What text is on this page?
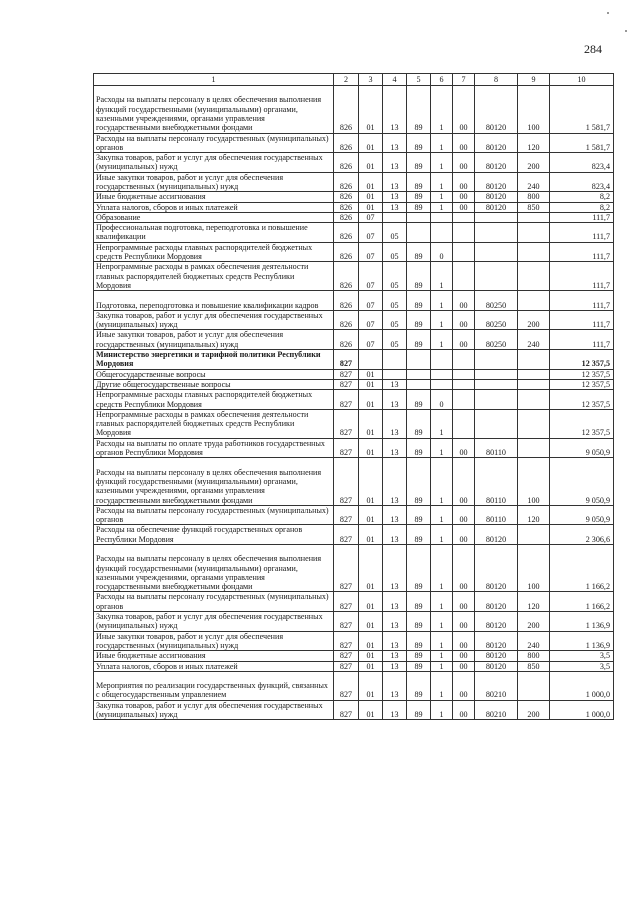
284
1	2	3	4	5	6	7	8	9	10
Расходы на выплаты персоналу в целях обеспечения выполнения функций государственными (муниципальными) органами, казенными учреждениями, органами управления государственными внебюджетными фондами	826	01	13	89	1	00	80120	100	1 581,7
Расходы на выплаты персоналу государственных (муниципальных) органов	826	01	13	89	1	00	80120	120	1 581,7
Закупка товаров, работ и услуг для обеспечения государственных (муниципальных) нужд	826	01	13	89	1	00	80120	200	823,4
Иные закупки товаров, работ и услуг для обеспечения государственных (муниципальных) нужд	826	01	13	89	1	00	80120	240	823,4
Иные бюджетные ассигнования	826	01	13	89	1	00	80120	800	8,2
Уплата налогов, сборов и иных платежей	826	01	13	89	1	00	80120	850	8,2
Образование	826	07							111,7
Профессиональная подготовка, переподготовка и повышение квалификации	826	07	05						111,7
Непрограммные расходы главных распорядителей бюджетных средств Республики Мордовия	826	07	05	89	0				111,7
Непрограммные расходы в рамках обеспечения деятельности главных распорядителей бюджетных средств Республики Мордовия	826	07	05	89	1				111,7
Подготовка, переподготовка и повышение квалификации кадров	826	07	05	89	1	00	80250		111,7
Закупка товаров, работ и услуг для обеспечения государственных (муниципальных) нужд	826	07	05	89	1	00	80250	200	111,7
Иные закупки товаров, работ и услуг для обеспечения государственных (муниципальных) нужд	826	07	05	89	1	00	80250	240	111,7
Министерство энергетики и тарифной политики Республики Мордовия	827								12 357,5
Общегосударственные вопросы	827	01							12 357,5
Другие общегосударственные вопросы	827	01	13						12 357,5
Непрограммные расходы главных распорядителей бюджетных средств Республики Мордовия	827	01	13	89	0				12 357,5
Непрограммные расходы в рамках обеспечения деятельности главных распорядителей бюджетных средств Республики Мордовия	827	01	13	89	1				12 357,5
Расходы на выплаты по оплате труда работников государственных органов Республики Мордовия	827	01	13	89	1	00	80110		9 050,9
Расходы на выплаты персоналу в целях обеспечения выполнения функций государственными (муниципальными) органами, казенными учреждениями, органами управления государственными внебюджетными фондами	827	01	13	89	1	00	80110	100	9 050,9
Расходы на выплаты персоналу государственных (муниципальных) органов	827	01	13	89	1	00	80110	120	9 050,9
Расходы на обеспечение функций государственных органов Республики Мордовия	827	01	13	89	1	00	80120		2 306,6
Расходы на выплаты персоналу в целях обеспечения выполнения функций государственными (муниципальными) органами, казенными учреждениями, органами управления государственными внебюджетными фондами	827	01	13	89	1	00	80120	100	1 166,2
Расходы на выплаты персоналу государственных (муниципальных) органов	827	01	13	89	1	00	80120	120	1 166,2
Закупка товаров, работ и услуг для обеспечения государственных (муниципальных) нужд	827	01	13	89	1	00	80120	200	1 136,9
Иные закупки товаров, работ и услуг для обеспечения государственных (муниципальных) нужд	827	01	13	89	1	00	80120	240	1 136,9
Иные бюджетные ассигнования	827	01	13	89	1	00	80120	800	3,5
Уплата налогов, сборов и иных платежей	827	01	13	89	1	00	80120	850	3,5
Мероприятия по реализации государственных функций, связанных с общегосударственным управлением	827	01	13	89	1	00	80210		1 000,0
Закупка товаров, работ и услуг для обеспечения государственных (муниципальных) нужд	827	01	13	89	1	00	80210	200	1 000,0
